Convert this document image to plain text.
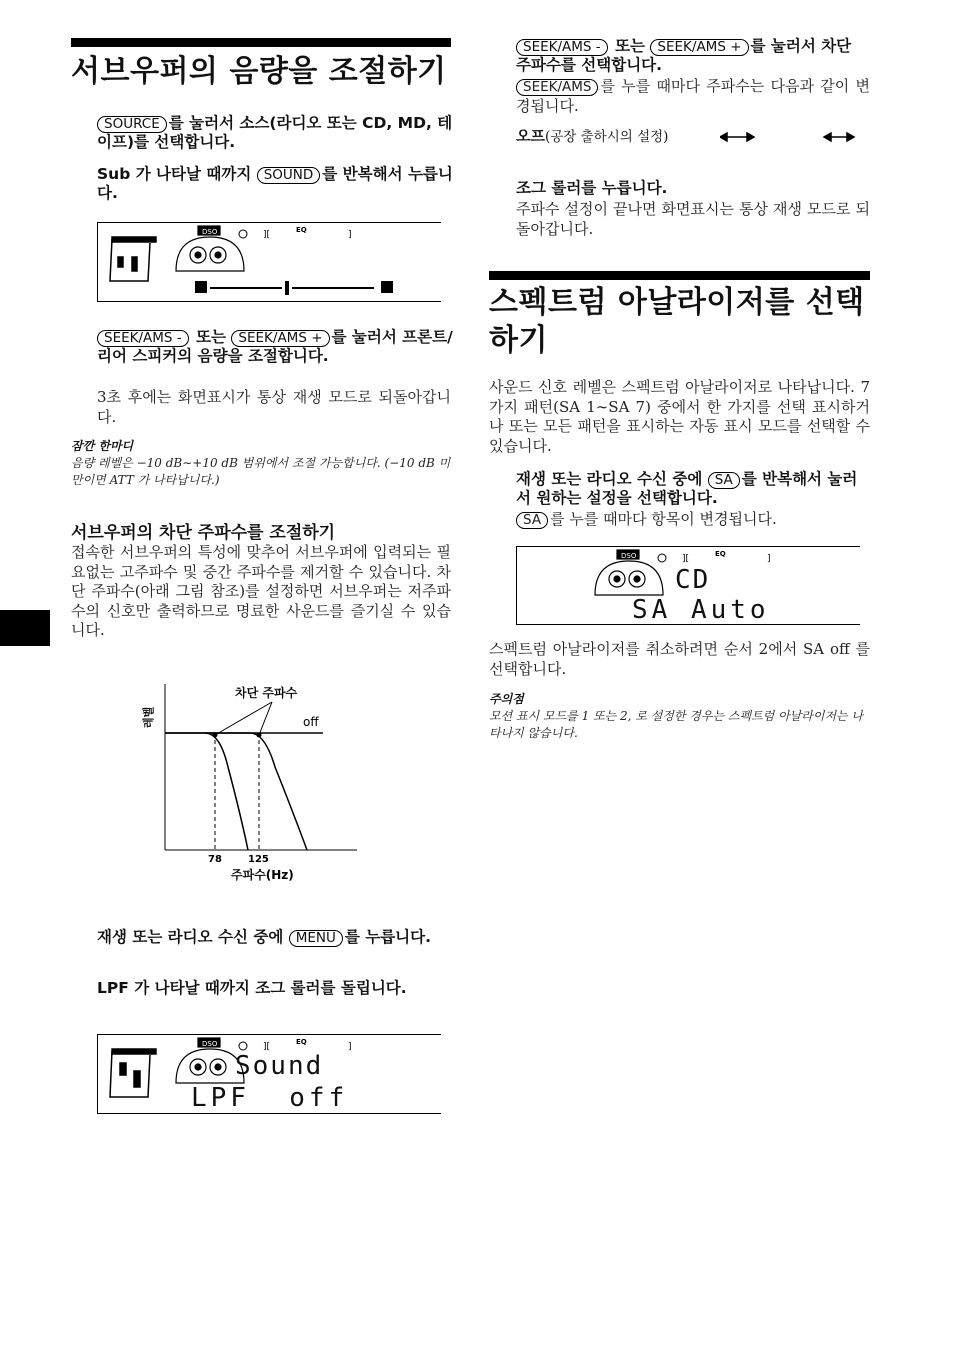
서브우퍼의 음량을 조절하기
SOURCE 를 눌러서 소스(라디오 또는 CD, MD, 테이프)를 선택합니다.
Sub 가 나타날 때까지 SOUND 를 반복해서 누릅니다.
DSO	][	EQ	]
SEEK/AMS - 또는 SEEK/AMS + 를 눌러서 프론트/리어 스피커의 음량을 조절합니다.
3초 후에는 화면표시가 통상 재생 모드로 되돌아갑니다.
잠깐 한마디
음량 레벨은 −10 dB∼+10 dB 범위에서 조절 가능합니다. (−10 dB 미만이면 ATT 가 나타납니다.)
서브우퍼의 차단 주파수를 조절하기
접속한 서브우퍼의 특성에 맞추어 서브우퍼에 입력되는 필요없는 고주파수 및 중간 주파수를 제거할 수 있습니다. 차단 주파수(아래 그림 참조)를 설정하면 서브우퍼는 저주파수의 신호만 출력하므로 명료한 사운드를 즐기실 수 있습니다.
차단 주파수
off
레벨
78	125
주파수(Hz)
재생 또는 라디오 수신 중에 MENU 를 누릅니다.
LPF 가 나타날 때까지 조그 롤러를 돌립니다.
DSO	][	EQ	]
Sound
LPF  off
SEEK/AMS - 또는 SEEK/AMS + 를 눌러서 차단 주파수를 선택합니다.
SEEK/AMS 를 누를 때마다 주파수는 다음과 같이 변경됩니다.
오프(공장 출하시의 설정)
조그 롤러를 누릅니다.
주파수 설정이 끝나면 화면표시는 통상 재생 모드로 되돌아갑니다.
스펙트럼 아날라이저를 선택하기
사운드 신호 레벨은 스펙트럼 아날라이저로 나타납니다. 7가지 패턴(SA 1∼SA 7) 중에서 한 가지를 선택 표시하거나 또는 모든 패턴을 표시하는 자동 표시 모드를 선택할 수 있습니다.
재생 또는 라디오 수신 중에 SA 를 반복해서 눌러서 원하는 설정을 선택합니다.
SA 를 누를 때마다 항목이 변경됩니다.
DSO	][	EQ	]
CD
SA Auto
스펙트럼 아날라이저를 취소하려면 순서 2에서 SA off 를 선택합니다.
주의점
모션 표시 모드를 1 또는 2, 로 설정한 경우는 스펙트럼 아날라이저는 나타나지 않습니다.
